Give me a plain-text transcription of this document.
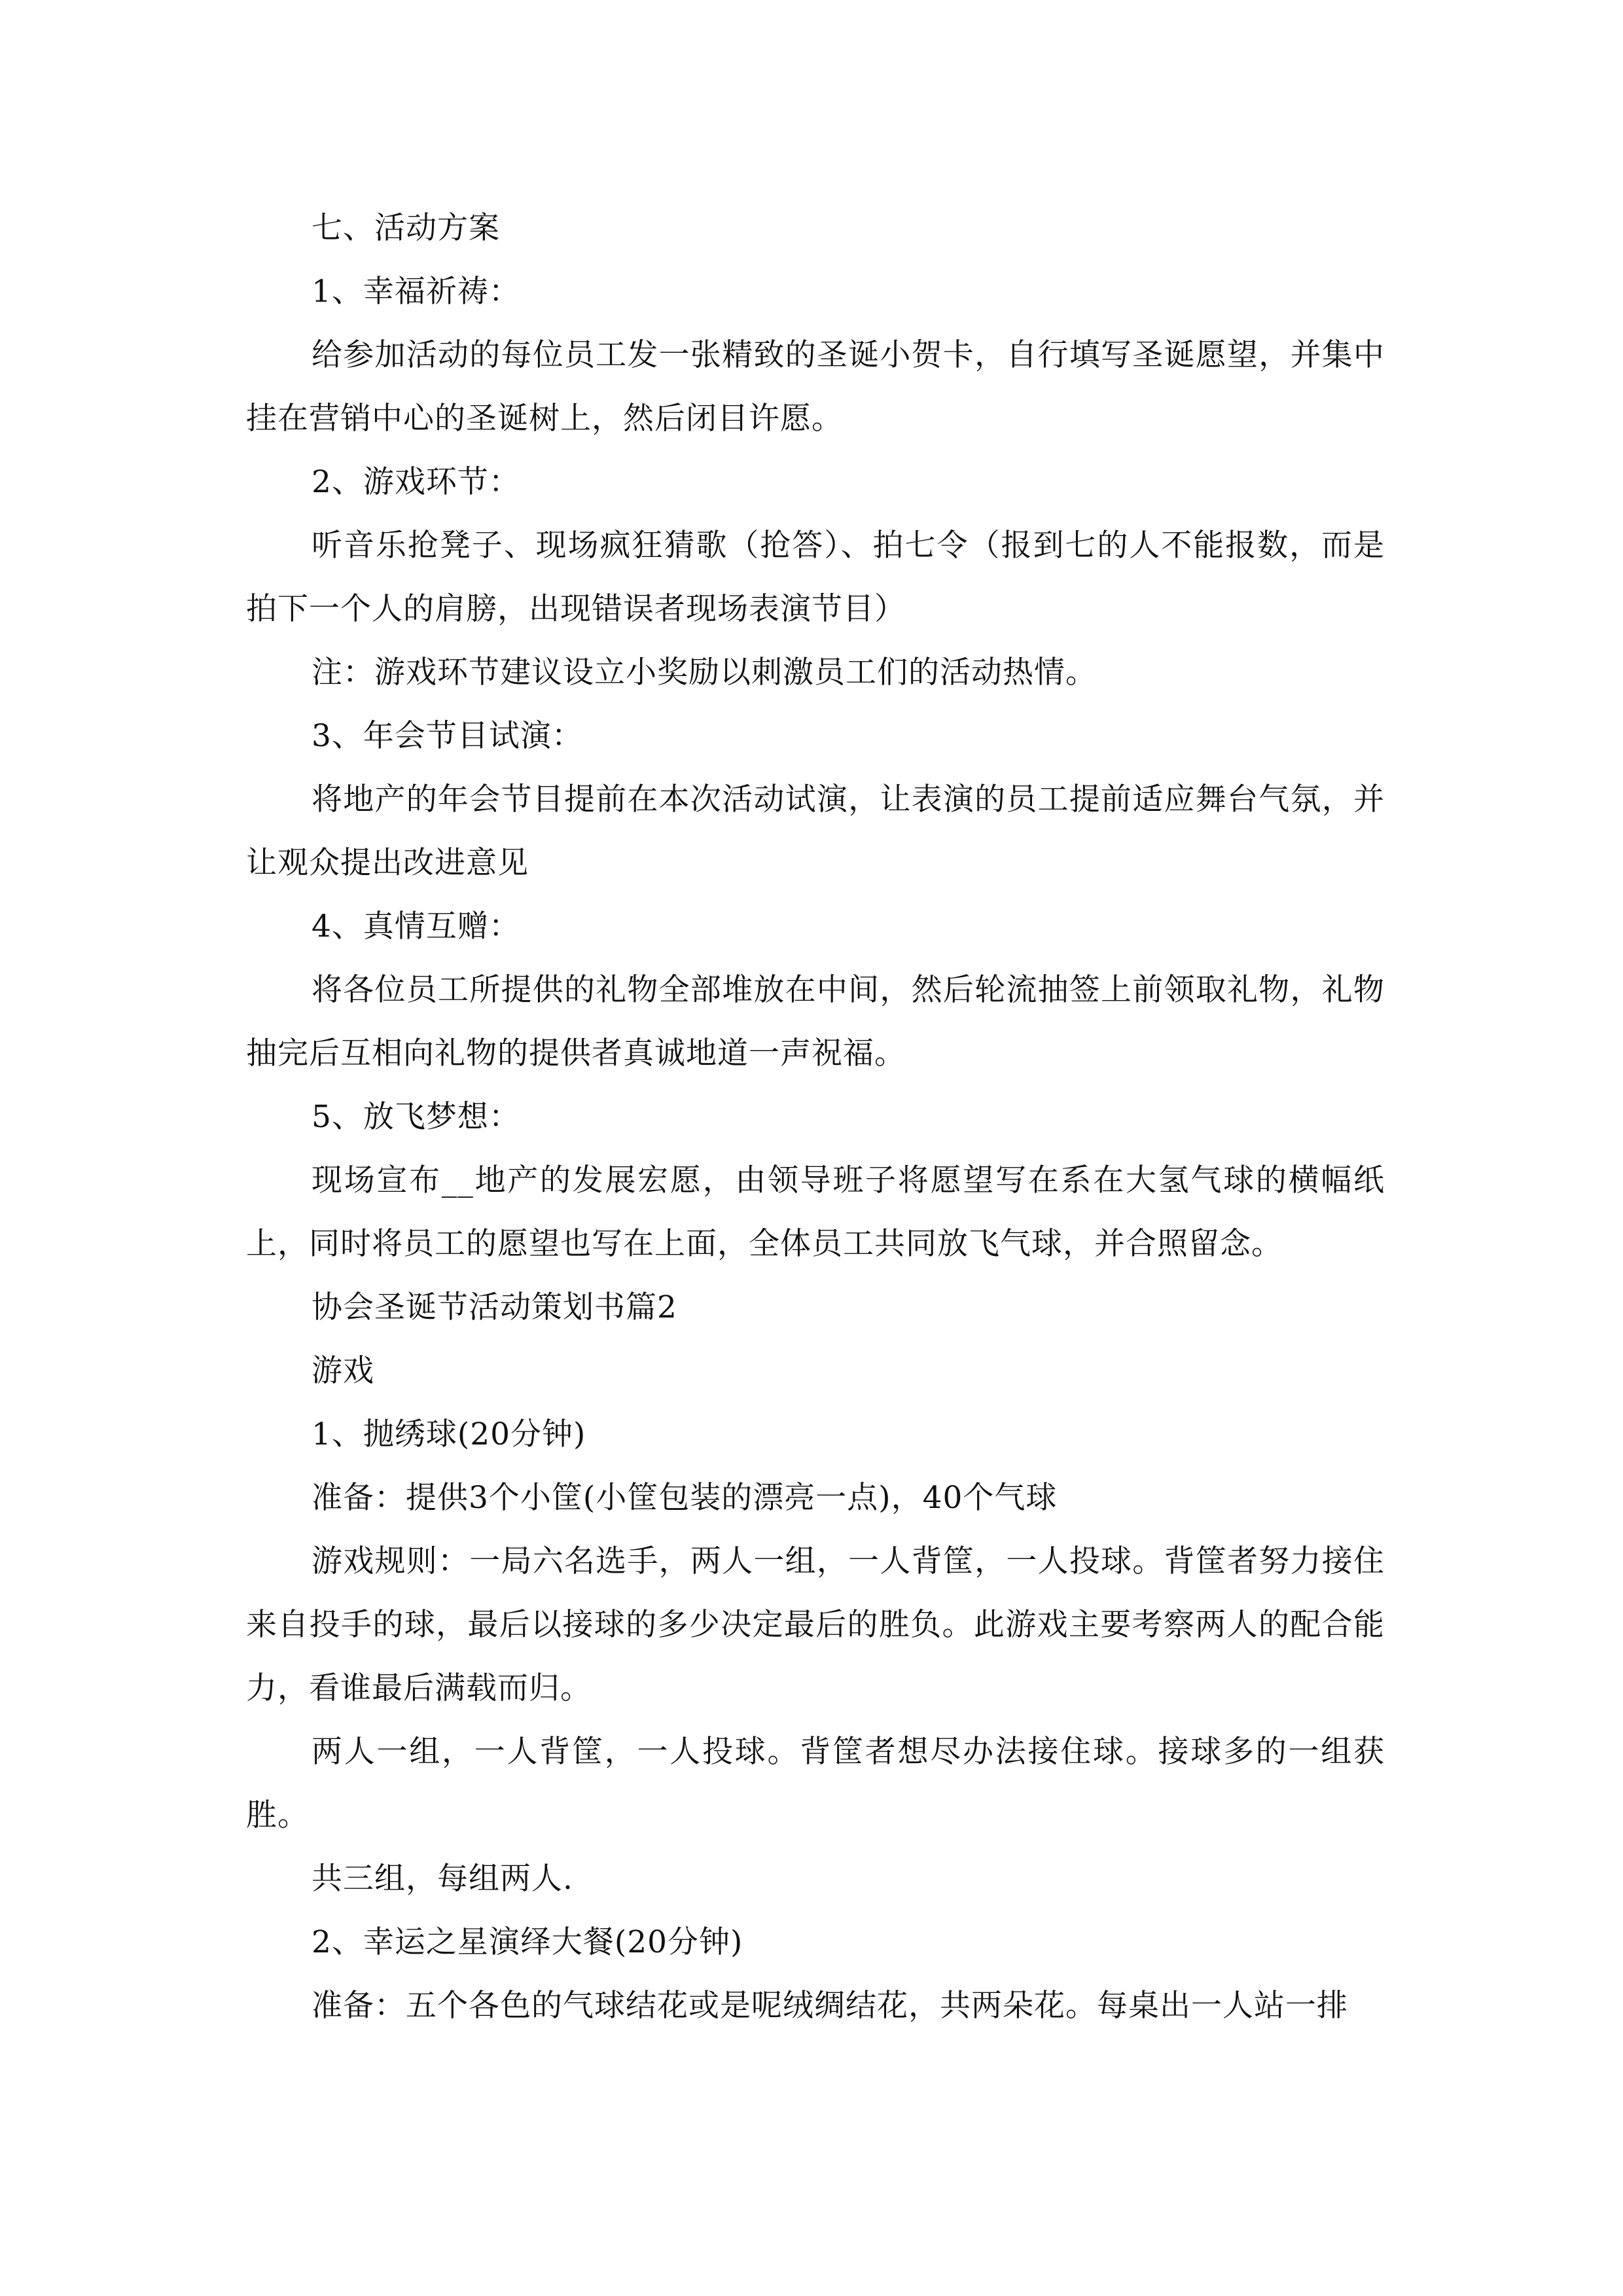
七、活动方案

1、幸福祈祷：

给参加活动的每位员工发一张精致的圣诞小贺卡，自行填写圣诞愿望，并集中挂在营销中心的圣诞树上，然后闭目许愿。

2、游戏环节：

听音乐抢凳子、现场疯狂猜歌（抢答）、拍七令（报到七的人不能报数，而是拍下一个人的肩膀，出现错误者现场表演节目）

注：游戏环节建议设立小奖励以刺激员工们的活动热情。

3、年会节目试演：

将地产的年会节目提前在本次活动试演，让表演的员工提前适应舞台气氛，并让观众提出改进意见

4、真情互赠：

将各位员工所提供的礼物全部堆放在中间，然后轮流抽签上前领取礼物，礼物抽完后互相向礼物的提供者真诚地道一声祝福。

5、放飞梦想：

现场宣布__地产的发展宏愿，由领导班子将愿望写在系在大氢气球的横幅纸上，同时将员工的愿望也写在上面，全体员工共同放飞气球，并合照留念。

协会圣诞节活动策划书篇2

游戏

1、抛绣球(20分钟)

准备：提供3个小筐(小筐包装的漂亮一点)，40个气球

游戏规则：一局六名选手，两人一组，一人背筐，一人投球。背筐者努力接住来自投手的球，最后以接球的多少决定最后的胜负。此游戏主要考察两人的配合能力，看谁最后满载而归。

两人一组，一人背筐，一人投球。背筐者想尽办法接住球。接球多的一组获胜。

共三组，每组两人.

2、幸运之星演绎大餐(20分钟)

准备：五个各色的气球结花或是呢绒绸结花，共两朵花。每桌出一人站一排
